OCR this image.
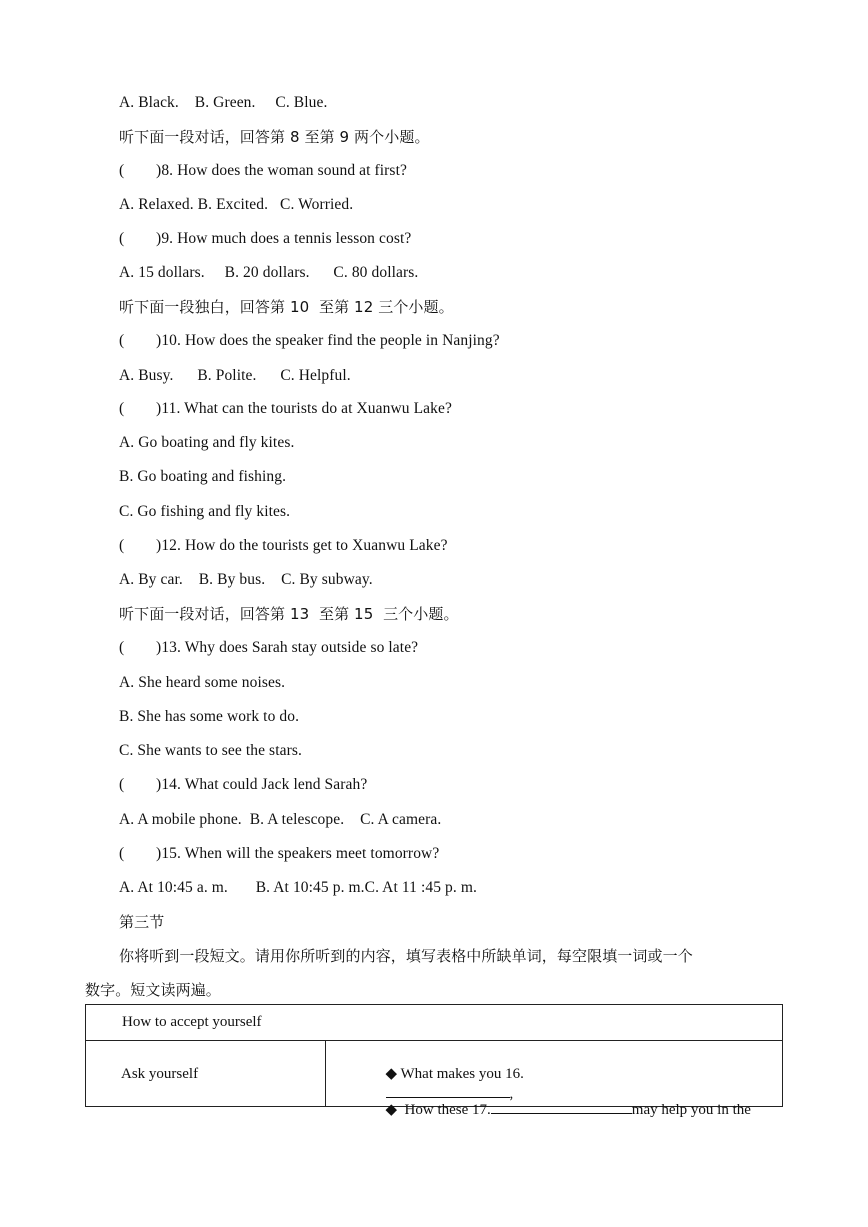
A. Black.    B. Green.     C. Blue.
听下面一段对话，回答第 8 至第 9 两个小题。
(        )8. How does the woman sound at first?
A. Relaxed. B. Excited.   C. Worried.
(        )9. How much does a tennis lesson cost?
A. 15 dollars.     B. 20 dollars.      C. 80 dollars.
听下面一段独白，回答第 10  至第 12 三个小题。
(        )10. How does the speaker find the people in Nanjing?
A. Busy.      B. Polite.      C. Helpful.
(        )11. What can the tourists do at Xuanwu Lake?
A. Go boating and fly kites.
B. Go boating and fishing.
C. Go fishing and fly kites.
(        )12. How do the tourists get to Xuanwu Lake?
A. By car.    B. By bus.    C. By subway.
听下面一段对话，回答第 13  至第 15  三个小题。
(        )13. Why does Sarah stay outside so late?
A. She heard some noises.
B. She has some work to do.
C. She wants to see the stars.
(        )14. What could Jack lend Sarah?
A. A mobile phone.  B. A telescope.    C. A camera.
(        )15. When will the speakers meet tomorrow?
A. At 10:45 a. m.       B. At 10:45 p. m.C. At 11 :45 p. m.
第三节
你将听到一段短文。请用你所听到的内容，填写表格中所缺单词，每空限填一词或一个
数字。短文读两遍。
How to accept yourself
Ask yourself	◆ What makes you 16.
,

◆  How these 17.	may help you in the
